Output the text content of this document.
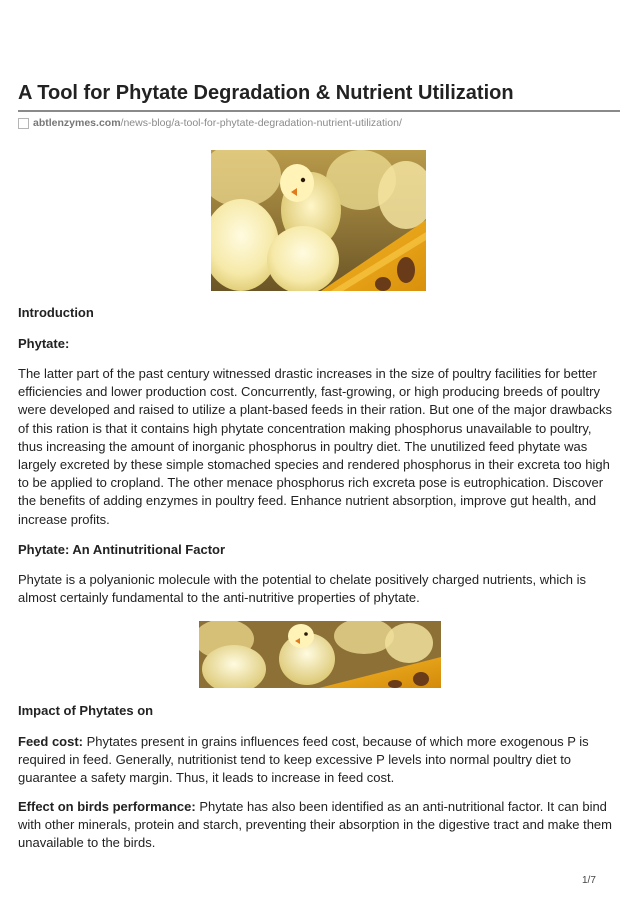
A Tool for Phytate Degradation & Nutrient Utilization
abtlenzymes.com /news-blog/a-tool-for-phytate-degradation-nutrient-utilization/
Introduction
Phytate:

The latter part of the past century witnessed drastic increases in the size of poultry facilities for better efficiencies and lower production cost. Concurrently, fast-growing, or high producing breeds of poultry were developed and raised to utilize a plant-based feeds in their ration. But one of the major drawbacks of this ration is that it contains high phytate concentration making phosphorus unavailable to poultry, thus increasing the amount of inorganic phosphorus in poultry diet. The unutilized feed phytate was largely excreted by these simple stomached species and rendered phosphorus in their excreta too high to be applied to cropland. The other menace phosphorus rich excreta pose is eutrophication. Discover the benefits of adding enzymes in poultry feed. Enhance nutrient absorption, improve gut health, and increase profits.

Phytate: An Antinutritional Factor

Phytate is a polyanionic molecule with the potential to chelate positively charged nutrients, which is almost certainly fundamental to the anti-nutritive properties of phytate.

Impact of Phytates on

Feed cost: Phytates present in grains influences feed cost, because of which more exogenous P is required in feed. Generally, nutritionist tend to keep excessive P levels into normal poultry diet to guarantee a safety margin. Thus, it leads to increase in feed cost.

Effect on birds performance: Phytate has also been identified as an anti-nutritional factor. It can bind with other minerals, protein and starch, preventing their absorption in the digestive tract and make them unavailable to the birds.

1/7
